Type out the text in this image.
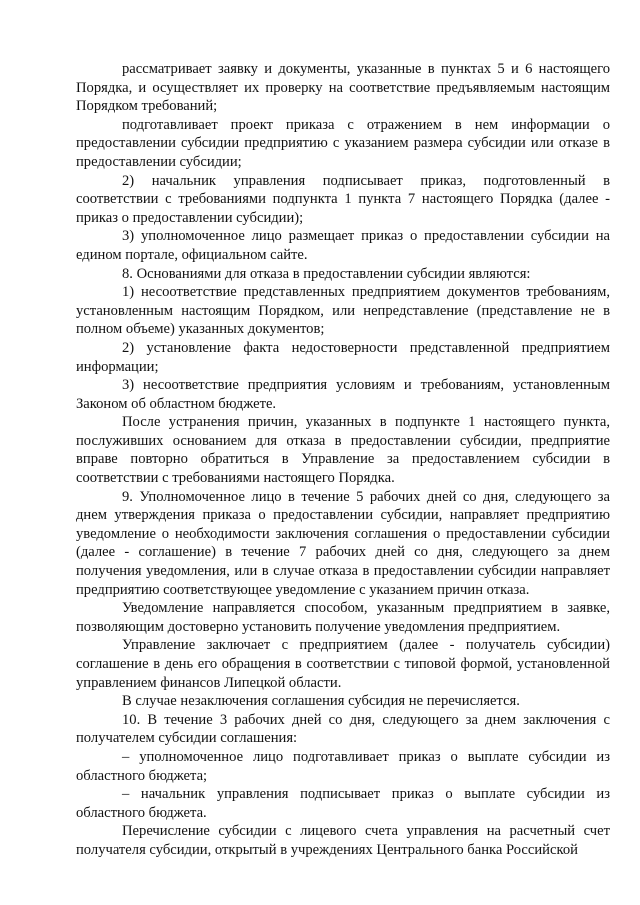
рассматривает заявку и документы, указанные в пунктах 5 и 6 настоящего Порядка, и осуществляет их проверку на соответствие предъявляемым настоящим Порядком требований;

подготавливает проект приказа с отражением в нем информации о предоставлении субсидии предприятию с указанием размера субсидии или отказе в предоставлении субсидии;

2) начальник управления подписывает приказ, подготовленный в соответствии с требованиями подпункта 1 пункта 7 настоящего Порядка (далее - приказ о предоставлении субсидии);

3) уполномоченное лицо размещает приказ о предоставлении субсидии на едином портале, официальном сайте.

8. Основаниями для отказа в предоставлении субсидии являются:

1) несоответствие представленных предприятием документов требованиям, установленным настоящим Порядком, или непредставление (представление не в полном объеме) указанных документов;

2) установление факта недостоверности представленной предприятием информации;

3) несоответствие предприятия условиям и требованиям, установленным Законом об областном бюджете.

После устранения причин, указанных в подпункте 1 настоящего пункта, послуживших основанием для отказа в предоставлении субсидии, предприятие вправе повторно обратиться в Управление за предоставлением субсидии в соответствии с требованиями настоящего Порядка.

9. Уполномоченное лицо в течение 5 рабочих дней со дня, следующего за днем утверждения приказа о предоставлении субсидии, направляет предприятию уведомление о необходимости заключения соглашения о предоставлении субсидии (далее - соглашение) в течение 7 рабочих дней со дня, следующего за днем получения уведомления, или в случае отказа в предоставлении субсидии направляет предприятию соответствующее уведомление с указанием причин отказа.

Уведомление направляется способом, указанным предприятием в заявке, позволяющим достоверно установить получение уведомления предприятием.

Управление заключает с предприятием (далее - получатель субсидии) соглашение в день его обращения в соответствии с типовой формой, установленной управлением финансов Липецкой области.

В случае незаключения соглашения субсидия не перечисляется.

10. В течение 3 рабочих дней со дня, следующего за днем заключения с получателем субсидии соглашения:

– уполномоченное лицо подготавливает приказ о выплате субсидии из областного бюджета;

– начальник управления подписывает приказ о выплате субсидии из областного бюджета.

Перечисление субсидии с лицевого счета управления на расчетный счет получателя субсидии, открытый в учреждениях Центрального банка Российской
